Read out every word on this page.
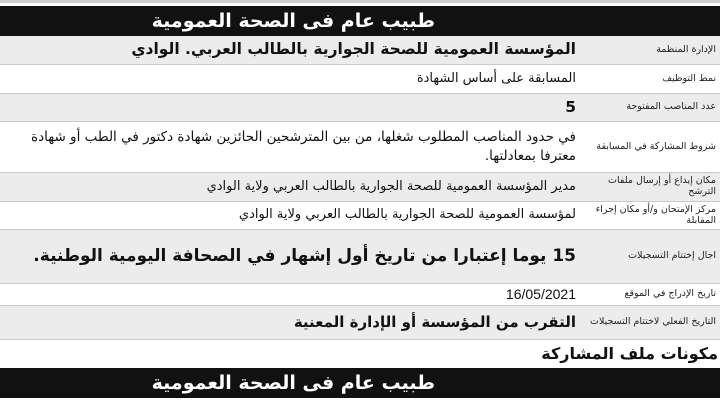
طبيب عام فى الصحة العمومية
الإدارة المنظمة
المؤسسة العمومية للصحة الجوارية بالطالب العربي. الوادي
نمط التوظيف
المسابقة على أساس الشهادة
عدد المناصب المفتوحة
5
شروط المشاركة في المسابقة
في حدود المناصب المطلوب شغلها، من بين المترشحين الحائزين شهادة دكتور في الطب أو شهادة معترفا بمعادلتها.
مكان إيداع أو إرسال ملفات الترشح
مدير المؤسسة العمومية للصحة الجوارية بالطالب العربي ولاية الوادي
مركز الإمتحان و/أو مكان إجراء المقابلة
لمؤسسة العمومية للصحة الجوارية بالطالب العربي ولاية الوادي
اجال إختتام التسجيلات
15 يوما إعتبارا من تاريخ أول إشهار في الصحافة اليومية الوطنية.
تاريخ الإدراج في الموقع
16/05/2021
التاريخ الفعلي لاختتام التسجيلات
التقرب من المؤسسة أو الإدارة المعنية
مكونات ملف المشاركة
طبيب عام فى الصحة العمومية
